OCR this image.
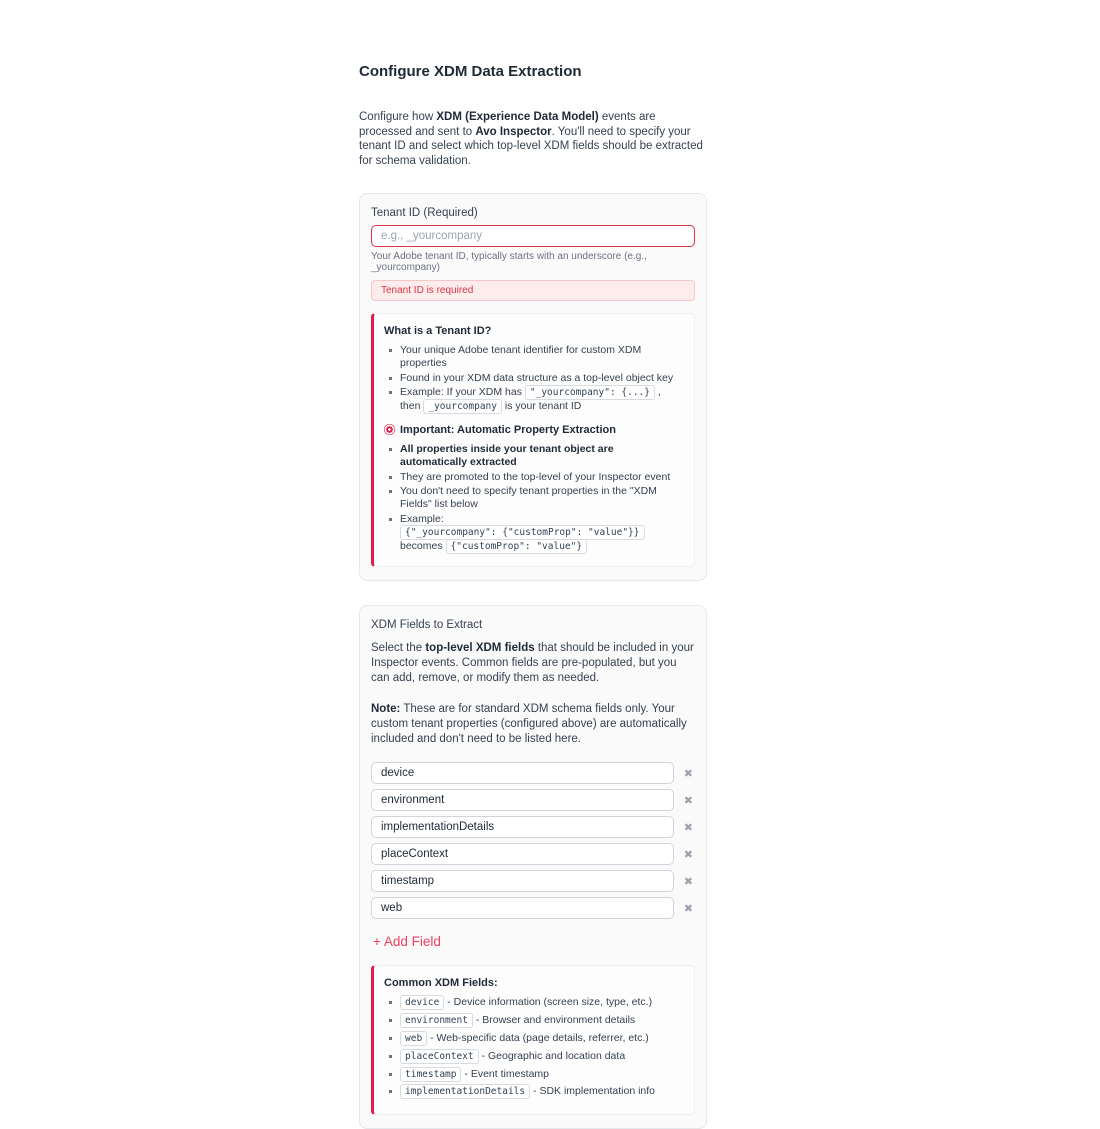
Configure XDM Data Extraction

Configure how XDM (Experience Data Model) events are processed and sent to Avo Inspector. You'll need to specify your tenant ID and select which top-level XDM fields should be extracted for schema validation.

Tenant ID (Required)
e.g., _yourcompany
Your Adobe tenant ID, typically starts with an underscore (e.g., _yourcompany)
Tenant ID is required
What is a Tenant ID?
Your unique Adobe tenant identifier for custom XDM properties
Found in your XDM data structure as a top-level object key
Example: If your XDM has "_yourcompany": {...} , then _yourcompany is your tenant ID
Important: Automatic Property Extraction
All properties inside your tenant object are automatically extracted
They are promoted to the top-level of your Inspector event
You don't need to specify tenant properties in the "XDM Fields" list below
Example: {"_yourcompany": {"customProp": "value"}} becomes {"customProp": "value"}
XDM Fields to Extract

Select the top-level XDM fields that should be included in your Inspector events. Common fields are pre-populated, but you can add, remove, or modify them as needed.

Note: These are for standard XDM schema fields only. Your custom tenant properties (configured above) are automatically included and don't need to be listed here.

device
✖
environment
✖
implementationDetails
✖
placeContext
✖
timestamp
✖
web
✖
+ Add Field
Common XDM Fields:
device - Device information (screen size, type, etc.)
environment - Browser and environment details
web - Web-specific data (page details, referrer, etc.)
placeContext - Geographic and location data
timestamp - Event timestamp
implementationDetails - SDK implementation info
